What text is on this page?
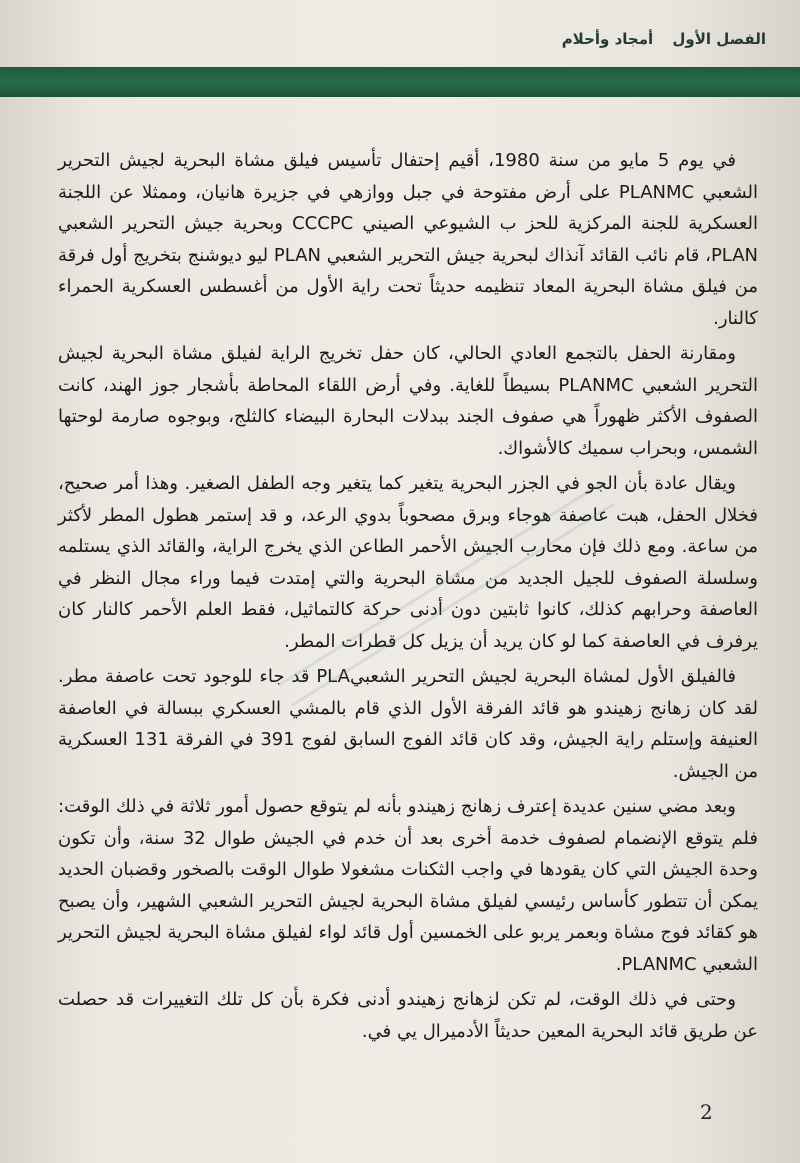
الفصل الأول أمجاد وأحلام

في يوم 5 مايو من سنة 1980، أقيم إحتفال تأسيس فيلق مشاة البحرية لجيش التحرير الشعبي PLANMC على أرض مفتوحة في جبل ووازهي في جزيرة هانيان، وممثلا عن اللجنة العسكرية للجنة المركزية للحز ب الشيوعي الصيني CCCPC وبحرية جيش التحرير الشعبي PLAN، قام نائب القائد آنذاك لبحرية جيش التحرير الشعبي PLAN ليو ديوشنج بتخريج أول فرقة من فيلق مشاة البحرية المعاد تنظيمه حديثاً تحت راية الأول من أغسطس العسكرية الحمراء كالنار.

ومقارنة الحفل بالتجمع العادي الحالي، كان حفل تخريج الراية لفيلق مشاة البحرية لجيش التحرير الشعبي PLANMC بسيطاً للغاية. وفي أرض اللقاء المحاطة بأشجار جوز الهند، كانت الصفوف الأكثر ظهوراً هي صفوف الجند ببدلات البحارة البيضاء كالثلج، وبوجوه صارمة لوحتها الشمس، وبحراب سميك كالأشواك.

ويقال عادة بأن الجو في الجزر البحرية يتغير كما يتغير وجه الطفل الصغير. وهذا أمر صحيح، فخلال الحفل، هبت عاصفة هوجاء وبرق مصحوباً بدوي الرعد، و قد إستمر هطول المطر لأكثر من ساعة. ومع ذلك فإن محارب الجيش الأحمر الطاعن الذي يخرج الراية، والقائد الذي يستلمه وسلسلة الصفوف للجيل الجديد من مشاة البحرية والتي إمتدت فيما وراء مجال النظر في العاصفة وحرابهم كذلك، كانوا ثابتين دون أدنى حركة كالتماثيل، فقط العلم الأحمر كالنار كان يرفرف في العاصفة كما لو كان يريد أن يزيل كل قطرات المطر.

فالفيلق الأول لمشاة البحرية لجيش التحرير الشعبيPLA قد جاء للوجود تحت عاصفة مطر. لقد كان زهانج زهيندو هو قائد الفرقة الأول الذي قام بالمشي العسكري ببسالة في العاصفة العنيفة وإستلم راية الجيش، وقد كان قائد الفوج السابق لفوج 391 في الفرقة 131 العسكرية من الجيش.

وبعد مضي سنين عديدة إعترف زهانج زهيندو بأنه لم يتوقع حصول أمور ثلاثة في ذلك الوقت: فلم يتوقع الإنضمام لصفوف خدمة أخرى بعد أن خدم في الجيش طوال 32 سنة، وأن تكون وحدة الجيش التي كان يقودها في واجب الثكنات مشغولا طوال الوقت بالصخور وقضبان الحديد يمكن أن تتطور كأساس رئيسي لفيلق مشاة البحرية لجيش التحرير الشعبي الشهير، وأن يصبح هو كقائد فوج مشاة وبعمر يربو على الخمسين أول قائد لواء لفيلق مشاة البحرية لجيش التحرير الشعبي PLANMC.

وحتى في ذلك الوقت، لم تكن لزهانج زهيندو أدنى فكرة بأن كل تلك التغييرات قد حصلت عن طريق قائد البحرية المعين حديثاً الأدميرال يي في.

2
